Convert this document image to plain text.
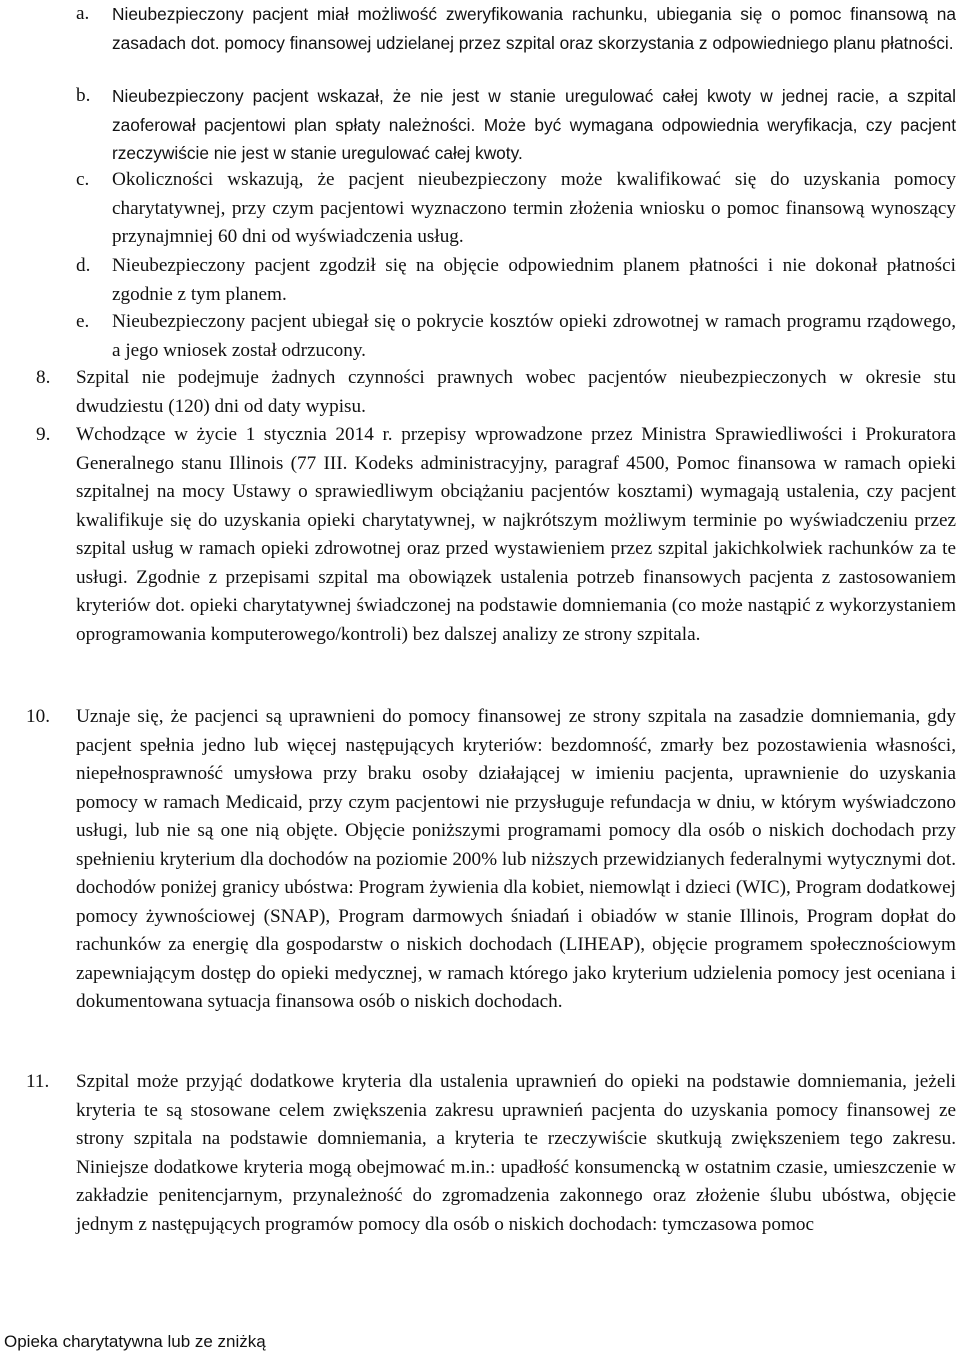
a. Nieubezpieczony pacjent miał możliwość zweryfikowania rachunku, ubiegania się o pomoc finansową na zasadach dot. pomocy finansowej udzielanej przez szpital oraz skorzystania z odpowiedniego planu płatności.
b. Nieubezpieczony pacjent wskazał, że nie jest w stanie uregulować całej kwoty w jednej racie, a szpital zaoferował pacjentowi plan spłaty należności. Może być wymagana odpowiednia weryfikacja, czy pacjent rzeczywiście nie jest w stanie uregulować całej kwoty.
c. Okoliczności wskazują, że pacjent nieubezpieczony może kwalifikować się do uzyskania pomocy charytatywnej, przy czym pacjentowi wyznaczono termin złożenia wniosku o pomoc finansową wynoszący przynajmniej 60 dni od wyświadczenia usług.
d. Nieubezpieczony pacjent zgodził się na objęcie odpowiednim planem płatności i nie dokonał płatności zgodnie z tym planem.
e. Nieubezpieczony pacjent ubiegał się o pokrycie kosztów opieki zdrowotnej w ramach programu rządowego, a jego wniosek został odrzucony.
8. Szpital nie podejmuje żadnych czynności prawnych wobec pacjentów nieubezpieczonych w okresie stu dwudziestu (120) dni od daty wypisu.
9. Wchodzące w życie 1 stycznia 2014 r. przepisy wprowadzone przez Ministra Sprawiedliwości i Prokuratora Generalnego stanu Illinois (77 III. Kodeks administracyjny, paragraf 4500, Pomoc finansowa w ramach opieki szpitalnej na mocy Ustawy o sprawiedliwym obciążaniu pacjentów kosztami) wymagają ustalenia, czy pacjent kwalifikuje się do uzyskania opieki charytatywnej, w najkrótszym możliwym terminie po wyświadczeniu przez szpital usług w ramach opieki zdrowotnej oraz przed wystawieniem przez szpital jakichkolwiek rachunków za te usługi. Zgodnie z przepisami szpital ma obowiązek ustalenia potrzeb finansowych pacjenta z zastosowaniem kryteriów dot. opieki charytatywnej świadczonej na podstawie domniemania (co może nastąpić z wykorzystaniem oprogramowania komputerowego/kontroli) bez dalszej analizy ze strony szpitala.
10. Uznaje się, że pacjenci są uprawnieni do pomocy finansowej ze strony szpitala na zasadzie domniemania, gdy pacjent spełnia jedno lub więcej następujących kryteriów: bezdomność, zmarły bez pozostawienia własności, niepełnosprawność umysłowa przy braku osoby działającej w imieniu pacjenta, uprawnienie do uzyskania pomocy w ramach Medicaid, przy czym pacjentowi nie przysługuje refundacja w dniu, w którym wyświadczono usługi, lub nie są one nią objęte. Objęcie poniższymi programami pomocy dla osób o niskich dochodach przy spełnieniu kryterium dla dochodów na poziomie 200% lub niższych przewidzianych federalnymi wytycznymi dot. dochodów poniżej granicy ubóstwa: Program żywienia dla kobiet, niemowląt i dzieci (WIC), Program dodatkowej pomocy żywnościowej (SNAP), Program darmowych śniadań i obiadów w stanie Illinois, Program dopłat do rachunków za energię dla gospodarstw o niskich dochodach (LIHEAP), objęcie programem społecznościowym zapewniającym dostęp do opieki medycznej, w ramach którego jako kryterium udzielenia pomocy jest oceniana i dokumentowana sytuacja finansowa osób o niskich dochodach.
11. Szpital może przyjąć dodatkowe kryteria dla ustalenia uprawnień do opieki na podstawie domniemania, jeżeli kryteria te są stosowane celem zwiększenia zakresu uprawnień pacjenta do uzyskania pomocy finansowej ze strony szpitala na podstawie domniemania, a kryteria te rzeczywiście skutkują zwiększeniem tego zakresu. Niniejsze dodatkowe kryteria mogą obejmować m.in.: upadłość konsumencką w ostatnim czasie, umieszczenie w zakładzie penitencjarnym, przynależność do zgromadzenia zakonnego oraz złożenie ślubu ubóstwa, objęcie jednym z następujących programów pomocy dla osób o niskich dochodach: tymczasowa pomoc
Opieka charytatywna lub ze zniżką
